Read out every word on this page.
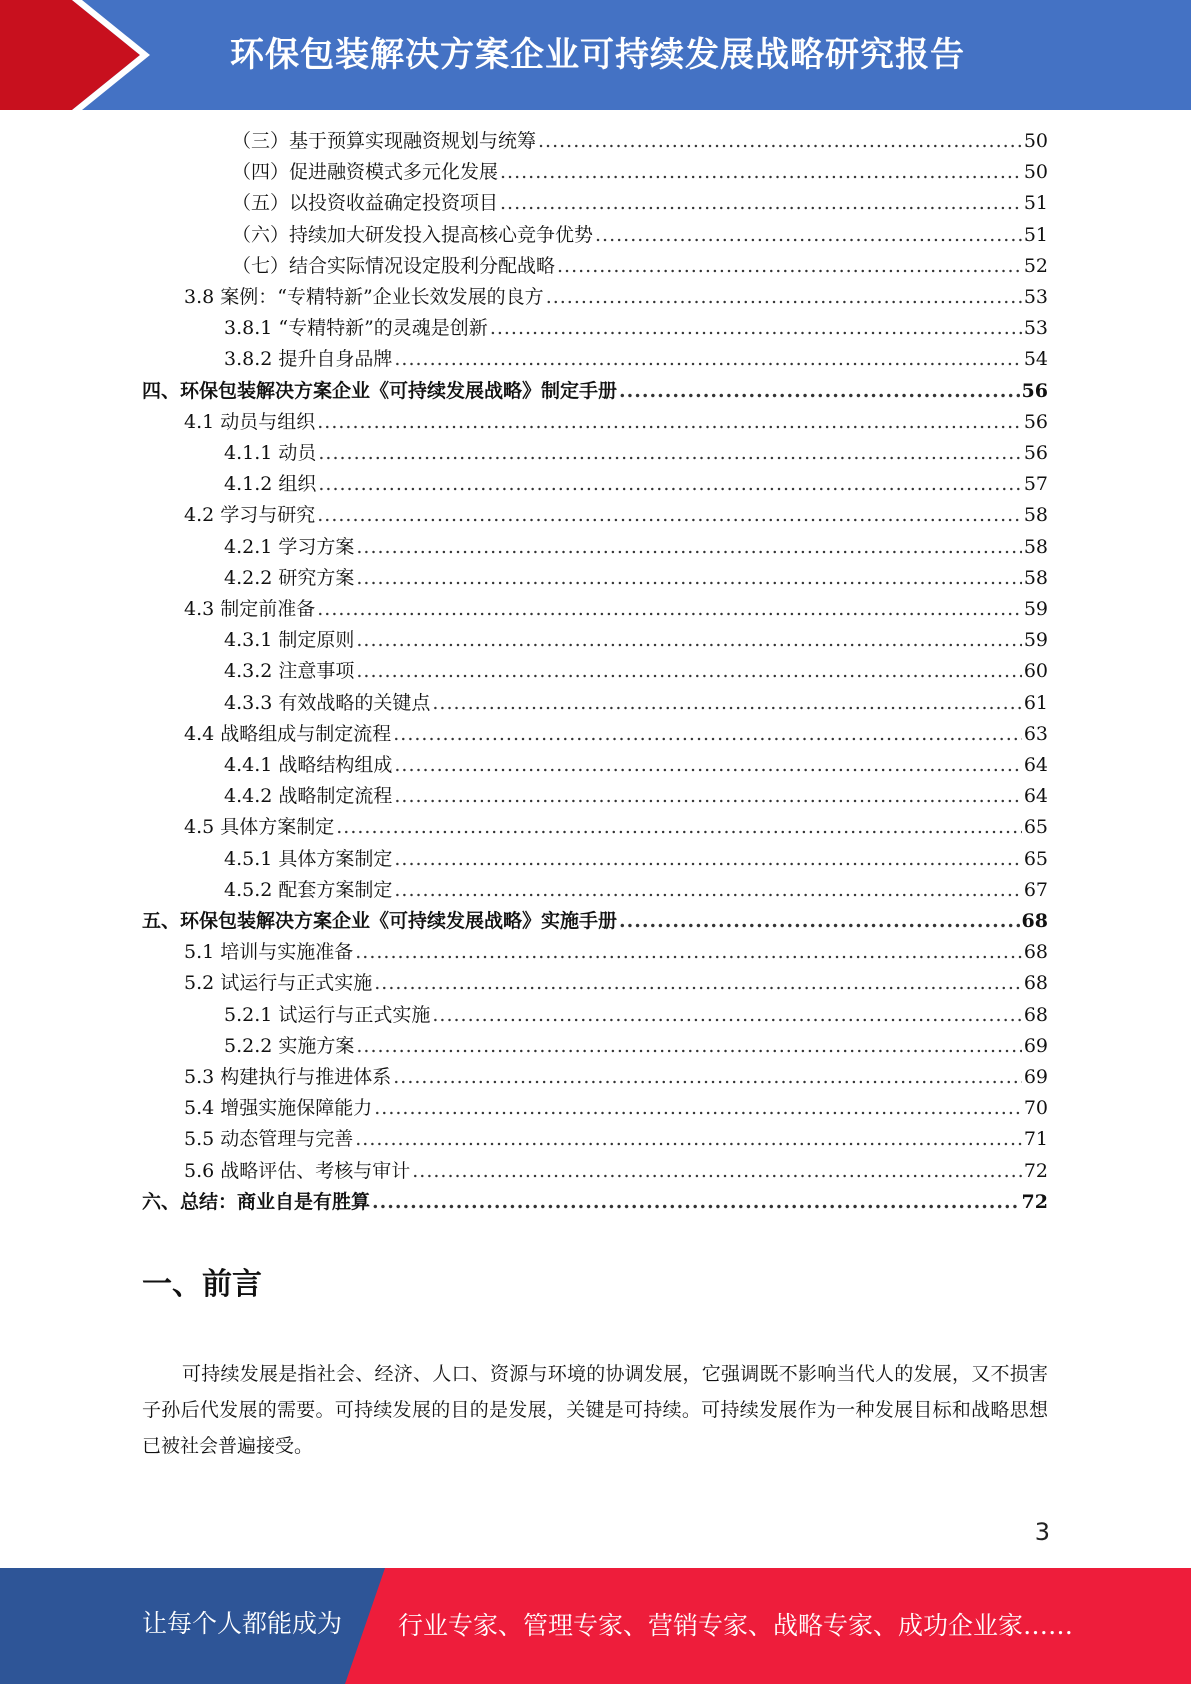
环保包装解决方案企业可持续发展战略研究报告
（三）基于预算实现融资规划与统筹 .....	50
（四）促进融资模式多元化发展 .....	50
（五）以投资收益确定投资项目 .....	51
（六）持续加大研发投入提高核心竞争优势 .....	51
（七）结合实际情况设定股利分配战略 .....	52
3.8 案例：“专精特新”企业长效发展的良方 .....	53
3.8.1 “专精特新”的灵魂是创新 .....	53
3.8.2 提升自身品牌 .....	54
四、环保包装解决方案企业《可持续发展战略》制定手册 .....	56
4.1 动员与组织 .....	56
4.1.1 动员 .....	56
4.1.2 组织 .....	57
4.2 学习与研究 .....	58
4.2.1 学习方案 .....	58
4.2.2 研究方案 .....	58
4.3 制定前准备 .....	59
4.3.1 制定原则 .....	59
4.3.2 注意事项 .....	60
4.3.3 有效战略的关键点 .....	61
4.4 战略组成与制定流程 .....	63
4.4.1 战略结构组成 .....	64
4.4.2 战略制定流程 .....	64
4.5 具体方案制定 .....	65
4.5.1 具体方案制定 .....	65
4.5.2 配套方案制定 .....	67
五、环保包装解决方案企业《可持续发展战略》实施手册 .....	68
5.1 培训与实施准备 .....	68
5.2 试运行与正式实施 .....	68
5.2.1 试运行与正式实施 .....	68
5.2.2 实施方案 .....	69
5.3 构建执行与推进体系 .....	69
5.4 增强实施保障能力 .....	70
5.5 动态管理与完善 .....	71
5.6 战略评估、考核与审计 .....	72
六、总结：商业自是有胜算 .....	72
一、前言
可持续发展是指社会、经济、人口、资源与环境的协调发展，它强调既不影响当代人的发展，又不损害子孙后代发展的需要。可持续发展的目的是发展，关键是可持续。可持续发展作为一种发展目标和战略思想已被社会普遍接受。
3
让每个人都能成为 行业专家、管理专家、营销专家、战略专家、成功企业家……
